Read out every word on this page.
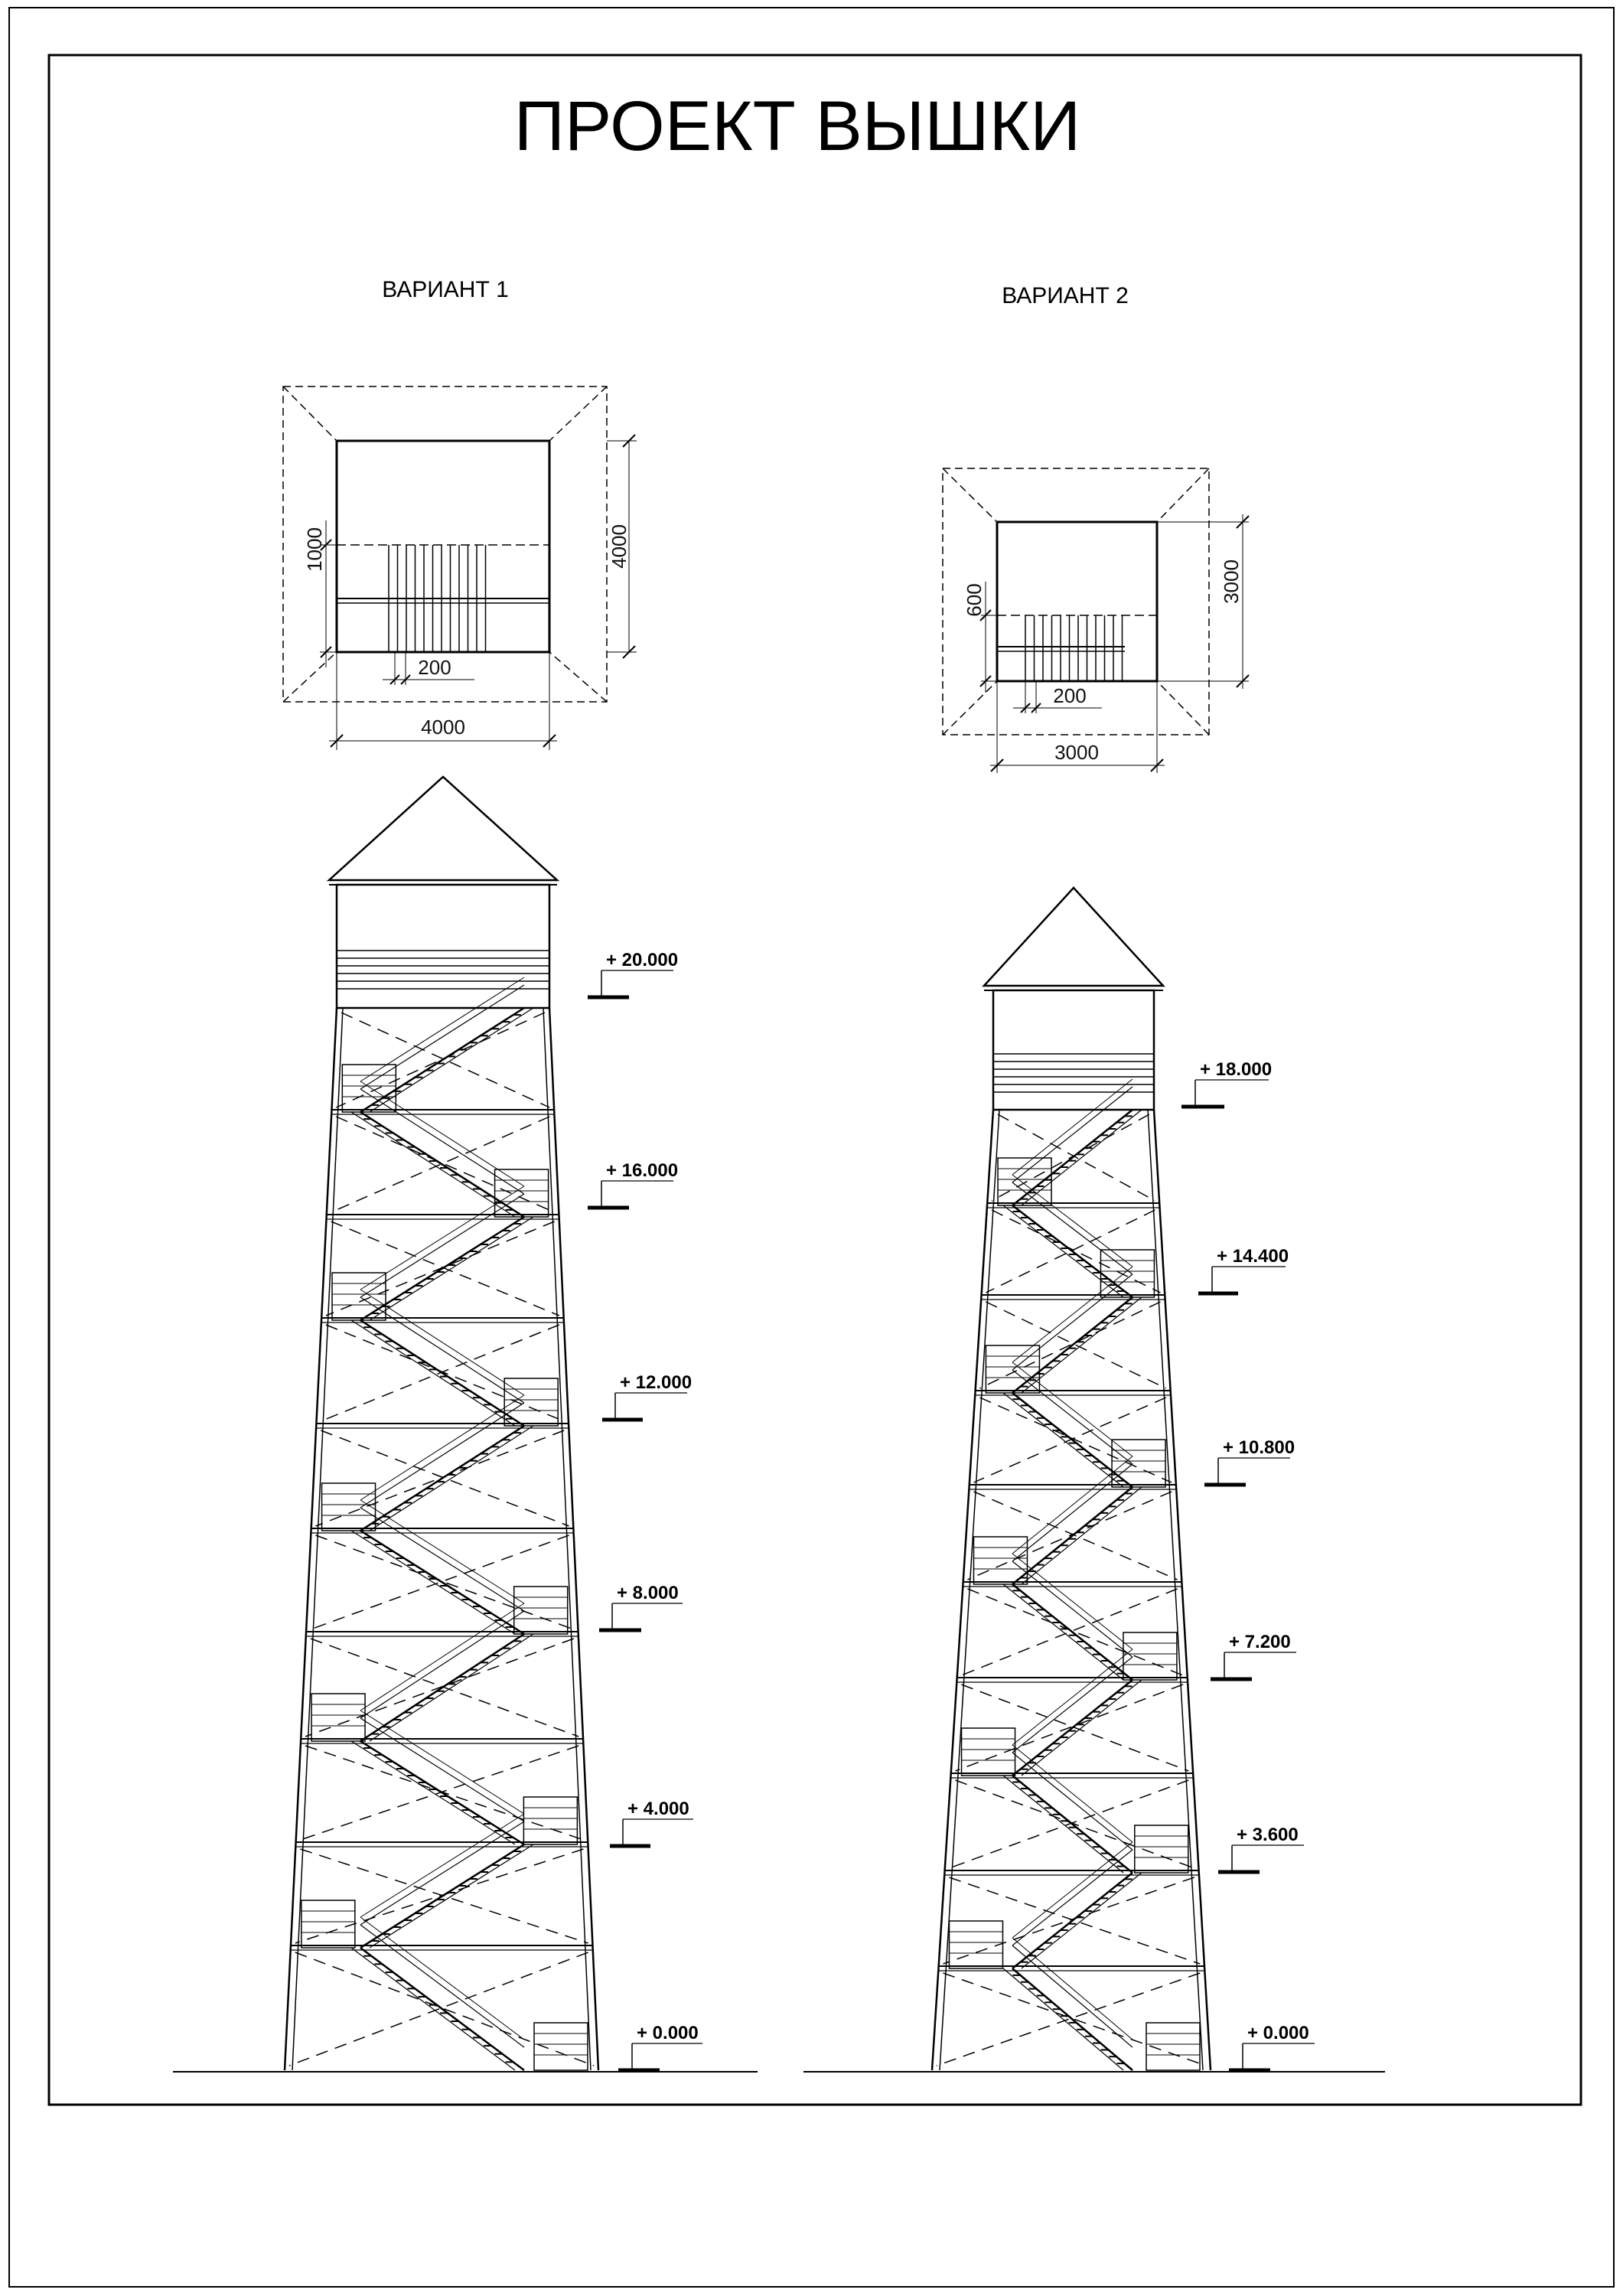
ПРОЕКТ ВЫШКИ
ВАРИАНТ 1	ВАРИАНТ 2
4000
1000
200
4000
3000
600
200
3000
+ 20.000
+ 16.000
+ 12.000
+ 8.000
+ 4.000
+ 0.000
+ 18.000
+ 14.400
+ 10.800
+ 7.200
+ 3.600
+ 0.000
